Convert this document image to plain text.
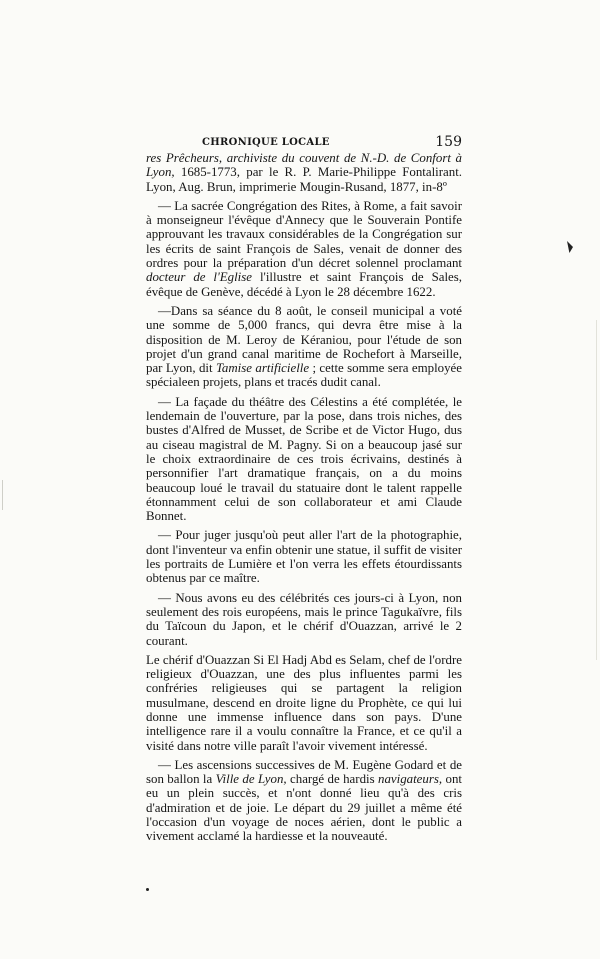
CHRONIQUE LOCALE	159

res Prêcheurs, archiviste du couvent de N.-D. de Confort à Lyon, 1685-1773, par le R. P. Marie-Philippe Fontalirant. Lyon, Aug. Brun, imprimerie Mougin-Rusand, 1877, in-8º

— La sacrée Congrégation des Rites, à Rome, a fait savoir à monseigneur l'évêque d'Annecy que le Souverain Pontife approuvant les travaux considérables de la Congrégation sur les écrits de saint François de Sales, venait de donner des ordres pour la préparation d'un décret solennel proclamant docteur de l'Eglise l'illustre et saint François de Sales, évêque de Genève, décédé à Lyon le 28 décembre 1622.

—Dans sa séance du 8 août, le conseil municipal a voté une somme de 5,000 francs, qui devra être mise à la disposition de M. Leroy de Kéraniou, pour l'étude de son projet d'un grand canal maritime de Rochefort à Marseille, par Lyon, dit Tamise artificielle ; cette somme sera employée spécialeen projets, plans et tracés dudit canal.

— La façade du théâtre des Célestins a été complétée, le lendemain de l'ouverture, par la pose, dans trois niches, des bustes d'Alfred de Musset, de Scribe et de Victor Hugo, dus au ciseau magistral de M. Pagny. Si on a beaucoup jasé sur le choix extraordinaire de ces trois écrivains, destinés à personnifier l'art dramatique français, on a du moins beaucoup loué le travail du statuaire dont le talent rappelle étonnamment celui de son collaborateur et ami Claude Bonnet.

— Pour juger jusqu'où peut aller l'art de la photographie, dont l'inventeur va enfin obtenir une statue, il suffit de visiter les portraits de Lumière et l'on verra les effets étourdissants obtenus par ce maître.

— Nous avons eu des célébrités ces jours-ci à Lyon, non seulement des rois européens, mais le prince Tagukaïvre, fils du Taïcoun du Japon, et le chérif d'Ouazzan, arrivé le 2 courant.

Le chérif d'Ouazzan Si El Hadj Abd es Selam, chef de l'ordre religieux d'Ouazzan, une des plus influentes parmi les confréries religieuses qui se partagent la religion musulmane, descend en droite ligne du Prophète, ce qui lui donne une immense influence dans son pays. D'une intelligence rare il a voulu connaître la France, et ce qu'il a visité dans notre ville paraît l'avoir vivement intéressé.

— Les ascensions successives de M. Eugène Godard et de son ballon la Ville de Lyon, chargé de hardis navigateurs, ont eu un plein succès, et n'ont donné lieu qu'à des cris d'admiration et de joie. Le départ du 29 juillet a même été l'occasion d'un voyage de noces aérien, dont le public a vivement acclamé la hardiesse et la nouveauté.
